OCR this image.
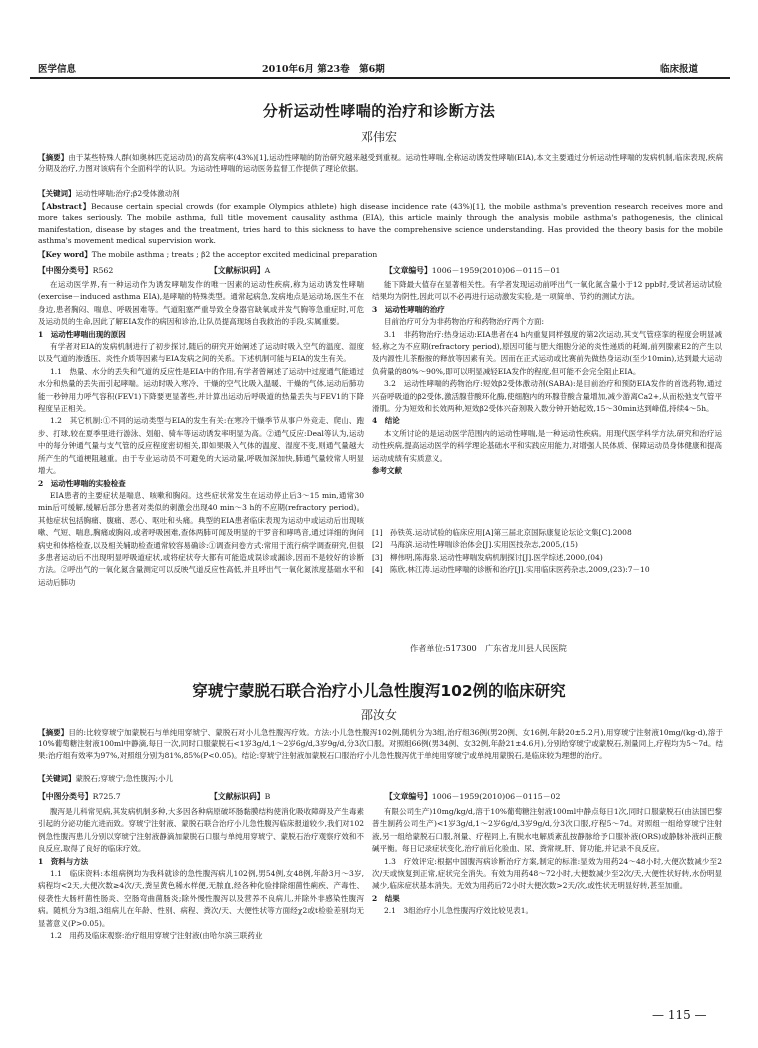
医学信息	2010年6月 第23卷　第6期	临床报道
分析运动性哮喘的治疗和诊断方法
邓伟宏
【摘要】由于某些特殊人群(如奥林匹克运动员)的高发病率(43%)[1],运动性哮喘的防治研究越来越受到重视。运动性哮喘,全称运动诱发性哮喘(EIA),本文主要通过分析运动性哮喘的发病机制,临床表现,疾病分期及治疗,力图对该病有个全面科学的认识。为运动性哮喘的运动医务监督工作提供了理论依据。
【关键词】运动性哮喘;治疗;β2受体激动剂
【Abstract】Because certain special crowds (for example Olympics athlete) high disease incidence rate (43%)[1], the mobile asthma's prevention research receives more and more takes seriously. The mobile asthma, full title movement causality asthma (EIA), this article mainly through the analysis mobile asthma's pathogenesis, the clinical manifestation, disease by stages and the treatment, tries hard to this sickness to have the comprehensive science understanding. Has provided the theory basis for the mobile asthma's movement medical supervision work.
【Key word】The mobile asthma ; treats ; β2 the acceptor excited medicinal preparation
【中图分类号】R562	【文献标识码】A	【文章编号】1006－1959(2010)06－0115－01

在运动医学界,有一种运动作为诱发哮喘发作的唯一因素的运动性疾病,称为运动诱发性哮喘(exercise－induced asthma EIA),是哮喘的特殊类型。通常起病急,发病地点是运动场,医生不在身边,患者胸闷、喘息、呼吸困难等。气道阻塞严重导致全身器官缺氧或并发气胸等急重症时,可危及运动员的生命,因此了解EIA发作的病因和诊治,让队员提高现场自我救治的手段,实属重要。

1　运动性哮喘出现的原因

有学者对EIA的发病机制进行了初步探讨,随后的研究开始阐述了运动时吸入空气的温度、湿度以及气道的渗透压、炎性介质等因素与EIA发病之间的关系。下述机制可能与EIA的发生有关。

1.1　热量、水分的丢失和气道的反应性是EIA中的作用,有学者曾阐述了运动中过度通气能通过水分和热量的丢失而引起哮喘。运动时吸入寒冷、干燥的空气比吸入温暖、干燥的气体,运动后肺功能一秒钟用力呼气容积(FEV1)下降要更显著些,并计算出运动后呼吸道的热量丢失与FEV1的下降程度呈正相关。

1.2　其它机制:①不同的运动类型与EIA的发生有关:在寒冷干燥季节从事户外竞走、爬山、跑步、打球,较在夏季里进行游泳、划船、骑车等运动诱发率明显为高。②通气反应:Deal等认为,运动中的每分钟通气量与支气管的反应程度密切相关,即如果吸入气体的温度、湿度不变,则通气量越大所产生的气道梗阻越重。由于专业运动员不可避免的大运动量,呼吸加深加快,肺通气量较常人明显增大。

2　运动性哮喘的实验检查

EIA患者的主要症状是喘息、咳嗽和胸闷。这些症状常发生在运动停止后3～15 min,通常30 min后可缓解,缓解后部分患者对类似的刺激会出现40 min～3 h的不应期(refractory period)。其他症状包括胸痛、腹痛、恶心、呕吐和头痛。典型的EIA患者临床表现为运动中或运动后出现咳嗽、气短、喘息,胸痛或胸闷,或者呼吸困难,查体两肺可闻及明显的干罗音和哮鸣音,通过详细的询问病史和体格检查,以及相关辅助检查通常较容易确诊:①调查问卷方式:常用于流行病学调查研究,但很多患者运动后不出现明显呼吸道症状,或将症状夸大都有可能造成误诊或漏诊,因而不是较好的诊断方法。②呼出气的一氧化氮含量测定可以反映气道反应性高低,并且呼出气一氧化氮浓度基础水平和运动后肺功

能下降最大值存在显著相关性。有学者发现运动前呼出气一氧化氮含量小于12 ppb时,受试者运动试验结果均为阴性,因此可以不必再进行运动激发实验,是一项简单、节约的测试方法。

3　运动性哮喘的治疗

目前治疗可分为非药物治疗和药物治疗两个方面:

3.1　非药物治疗:热身运动:EIA患者在4 h内重复同样强度的第2次运动,其支气管痉挛的程度会明显减轻,称之为不应期(refractory period),原因可能与肥大细胞分泌的炎性递质的耗竭,前列腺素E2的产生以及内源性儿茶酚胺的释放等因素有关。因而在正式运动或比赛前先做热身运动(至少10min),达到最大运动负荷量的80%～90%,即可以明显减轻EIA发作的程度,但可能不会完全阻止EIA。

3.2　运动性哮喘的药物治疗:短效β2受体激动剂(SABA):是目前治疗和预防EIA发作的首选药物,通过兴奋呼吸道的β2受体,激活腺苷酸环化酶,使细胞内的环腺苷酸含量增加,减少游离Ca2+,从而松弛支气管平滑肌。分为短效和长效两种,短效β2受体兴奋剂吸入数分钟开始起效,15～30min达到峰值,持续4～5h。

4　结论

本文所讨论的是运动医学范围内的运动性哮喘,是一种运动性疾病。用现代医学科学方法,研究和治疗运动性疾病,提高运动医学的科学理论基础水平和实践应用能力,对增强人民体质、保障运动员身体健康和提高运动成绩有实质意义。

参考文献

[1] 孙铁英.运动试验的临床应用[A]第三届北京国际康复论坛论文集[C].2008

[2] 马海滨.运动性哮喘诊治体会[J].实用医技杂志,2005,(15)

[3] 柳伟明,陈海泉.运动性哮喘发病机制探讨[J].医学综述,2000,(04)

[4] 陈欣,林江涛.运动性哮喘的诊断和治疗[J].实用临床医药杂志,2009,(23):7－10

作者单位:517300　广东省龙川县人民医院
穿琥宁蒙脱石联合治疗小儿急性腹泻102例的临床研究
邵汝女
【摘要】目的:比较穿琥宁加蒙脱石与单纯用穿琥宁、蒙脱石对小儿急性腹泻疗效。方法:小儿急性腹泻102例,随机分为3组,治疗组36例(男20例、女16例,年龄20±5.2月),用穿琥宁注射液10mg/(kg·d),溶于10%葡萄糖注射液100ml中静滴,每日一次,同时口服蒙脱石<1岁3g/d,1～2岁6g/d,3岁9g/d,分3次口服。对照组66例(男34例、女32例,年龄21±4.6月),分别给穿琥宁或蒙脱石,剂量同上,疗程均为5～7d。结果:治疗组有效率为97%,对照组分别为81%,85%(P<0.05)。结论:穿琥宁注射液加蒙脱石口服治疗小儿急性腹泻优于单纯用穿琥宁或单纯用蒙脱石,是临床较为理想的治疗。
【关键词】蒙脱石;穿琥宁;急性腹泻;小儿
【中图分类号】R725.7	【文献标识码】B	【文章编号】1006－1959(2010)06－0115－02

腹泻是儿科常见病,其发病机制多种,大多因各种病原破坏肠黏膜结构使消化吸收障碍及产生毒素引起的分泌功能亢进而致。穿琥宁注射液、蒙脱石联合治疗小儿急性腹泻临床报道较少,我们对102例急性腹泻患儿分别以穿琥宁注射液静滴加蒙脱石口服与单纯用穿琥宁、蒙脱石治疗观察疗效和不良反应,取得了良好的临床疗效。

1　资料与方法

1.1　临床资料:本组病例均为我科就诊的急性腹泻病儿102例,男54例,女48例,年龄3月～3岁,病程均<2天,大便次数≥4次/天,粪呈黄色稀水样便,无脓血,经各种化验排除细菌性痢疾、产毒性、侵袭性大肠杆菌性肠炎、空肠弯曲菌肠炎;除外慢性腹泻以及营养不良病儿,并除外非感染性腹泻病。随机分为3组,3组病儿在年龄、性别、病程、粪次/天、大便性状等方面经χ2或t检验差别均无显著意义(P>0.05)。

1.2　用药及临床观察:治疗组用穿琥宁注射液(由哈尔滨三联药业

有限公司生产)10mg/kg/d,溶于10%葡萄糖注射液100ml中静点每日1次,同时口服蒙脱石(由法国巴黎普生制药公司生产)<1岁3g/d,1～2岁6g/d,3岁9g/d,分3次口服,疗程5～7d。对照组一组给穿琥宁注射液,另一组给蒙脱石口服,剂量、疗程同上,有脱水电解质紊乱按静脉给予口服补液(ORS)或静脉补液纠正酸碱平衡。每日记录症状变化,治疗前后化验血、尿、粪常规,肝、肾功能,并记录不良反应。

1.3　疗效评定:根据中国腹泻病诊断治疗方案,制定的标准:显效为用药24～48小时,大便次数减少至2次/天或恢复到正常,症状完全消失。有效为用药48～72小时,大便数减少至2次/天,大便性状好转,水份明显减少,临床症状基本消失。无效为用药后72小时大便次数>2天/次,或性状无明显好转,甚至加重。

2　结果

2.1　3组治疗小儿急性腹泻疗效比较见表1。

— 115 —
